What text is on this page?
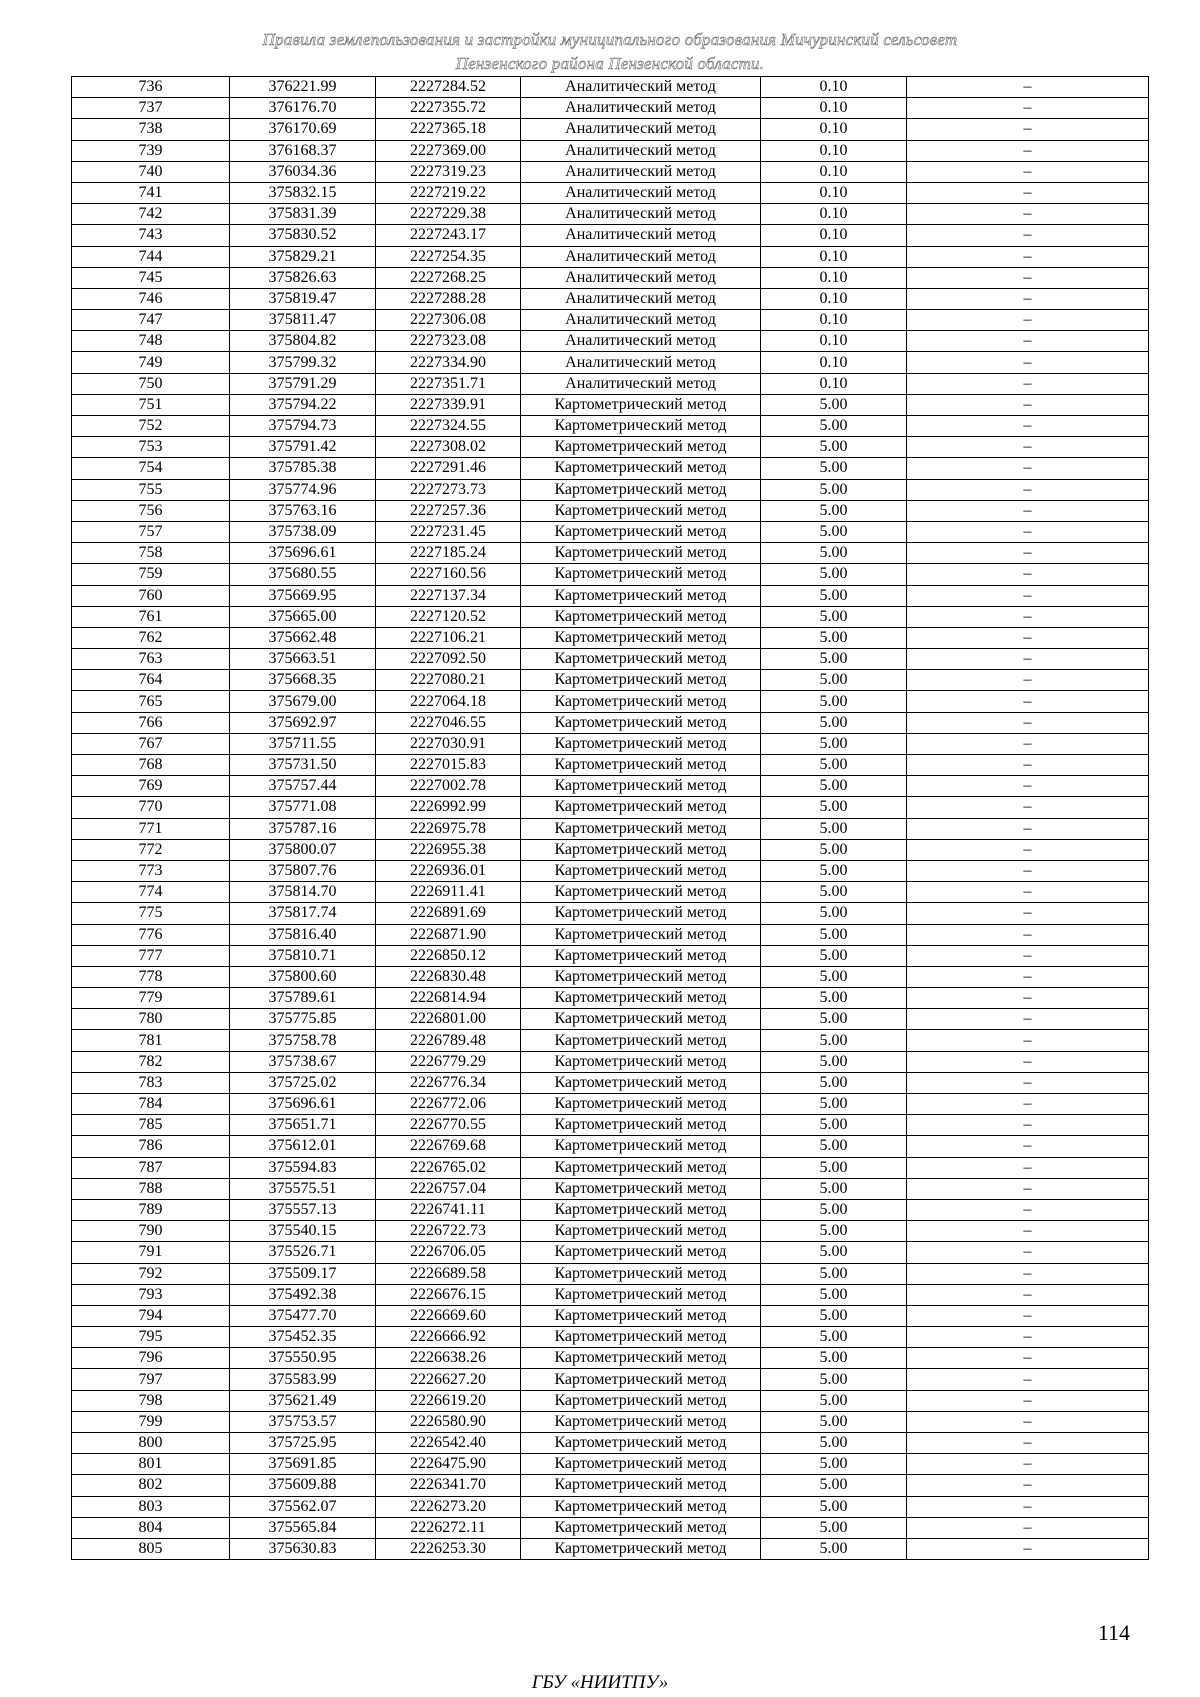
Правила землепользования и застройки муниципального образования Мичуринский сельсовет
Пензенского района Пензенской области.
736	376221.99	2227284.52	Аналитический метод	0.10	–
737	376176.70	2227355.72	Аналитический метод	0.10	–
738	376170.69	2227365.18	Аналитический метод	0.10	–
739	376168.37	2227369.00	Аналитический метод	0.10	–
740	376034.36	2227319.23	Аналитический метод	0.10	–
741	375832.15	2227219.22	Аналитический метод	0.10	–
742	375831.39	2227229.38	Аналитический метод	0.10	–
743	375830.52	2227243.17	Аналитический метод	0.10	–
744	375829.21	2227254.35	Аналитический метод	0.10	–
745	375826.63	2227268.25	Аналитический метод	0.10	–
746	375819.47	2227288.28	Аналитический метод	0.10	–
747	375811.47	2227306.08	Аналитический метод	0.10	–
748	375804.82	2227323.08	Аналитический метод	0.10	–
749	375799.32	2227334.90	Аналитический метод	0.10	–
750	375791.29	2227351.71	Аналитический метод	0.10	–
751	375794.22	2227339.91	Картометрический метод	5.00	–
752	375794.73	2227324.55	Картометрический метод	5.00	–
753	375791.42	2227308.02	Картометрический метод	5.00	–
754	375785.38	2227291.46	Картометрический метод	5.00	–
755	375774.96	2227273.73	Картометрический метод	5.00	–
756	375763.16	2227257.36	Картометрический метод	5.00	–
757	375738.09	2227231.45	Картометрический метод	5.00	–
758	375696.61	2227185.24	Картометрический метод	5.00	–
759	375680.55	2227160.56	Картометрический метод	5.00	–
760	375669.95	2227137.34	Картометрический метод	5.00	–
761	375665.00	2227120.52	Картометрический метод	5.00	–
762	375662.48	2227106.21	Картометрический метод	5.00	–
763	375663.51	2227092.50	Картометрический метод	5.00	–
764	375668.35	2227080.21	Картометрический метод	5.00	–
765	375679.00	2227064.18	Картометрический метод	5.00	–
766	375692.97	2227046.55	Картометрический метод	5.00	–
767	375711.55	2227030.91	Картометрический метод	5.00	–
768	375731.50	2227015.83	Картометрический метод	5.00	–
769	375757.44	2227002.78	Картометрический метод	5.00	–
770	375771.08	2226992.99	Картометрический метод	5.00	–
771	375787.16	2226975.78	Картометрический метод	5.00	–
772	375800.07	2226955.38	Картометрический метод	5.00	–
773	375807.76	2226936.01	Картометрический метод	5.00	–
774	375814.70	2226911.41	Картометрический метод	5.00	–
775	375817.74	2226891.69	Картометрический метод	5.00	–
776	375816.40	2226871.90	Картометрический метод	5.00	–
777	375810.71	2226850.12	Картометрический метод	5.00	–
778	375800.60	2226830.48	Картометрический метод	5.00	–
779	375789.61	2226814.94	Картометрический метод	5.00	–
780	375775.85	2226801.00	Картометрический метод	5.00	–
781	375758.78	2226789.48	Картометрический метод	5.00	–
782	375738.67	2226779.29	Картометрический метод	5.00	–
783	375725.02	2226776.34	Картометрический метод	5.00	–
784	375696.61	2226772.06	Картометрический метод	5.00	–
785	375651.71	2226770.55	Картометрический метод	5.00	–
786	375612.01	2226769.68	Картометрический метод	5.00	–
787	375594.83	2226765.02	Картометрический метод	5.00	–
788	375575.51	2226757.04	Картометрический метод	5.00	–
789	375557.13	2226741.11	Картометрический метод	5.00	–
790	375540.15	2226722.73	Картометрический метод	5.00	–
791	375526.71	2226706.05	Картометрический метод	5.00	–
792	375509.17	2226689.58	Картометрический метод	5.00	–
793	375492.38	2226676.15	Картометрический метод	5.00	–
794	375477.70	2226669.60	Картометрический метод	5.00	–
795	375452.35	2226666.92	Картометрический метод	5.00	–
796	375550.95	2226638.26	Картометрический метод	5.00	–
797	375583.99	2226627.20	Картометрический метод	5.00	–
798	375621.49	2226619.20	Картометрический метод	5.00	–
799	375753.57	2226580.90	Картометрический метод	5.00	–
800	375725.95	2226542.40	Картометрический метод	5.00	–
801	375691.85	2226475.90	Картометрический метод	5.00	–
802	375609.88	2226341.70	Картометрический метод	5.00	–
803	375562.07	2226273.20	Картометрический метод	5.00	–
804	375565.84	2226272.11	Картометрический метод	5.00	–
805	375630.83	2226253.30	Картометрический метод	5.00	–
114
ГБУ «НИИТПУ»
